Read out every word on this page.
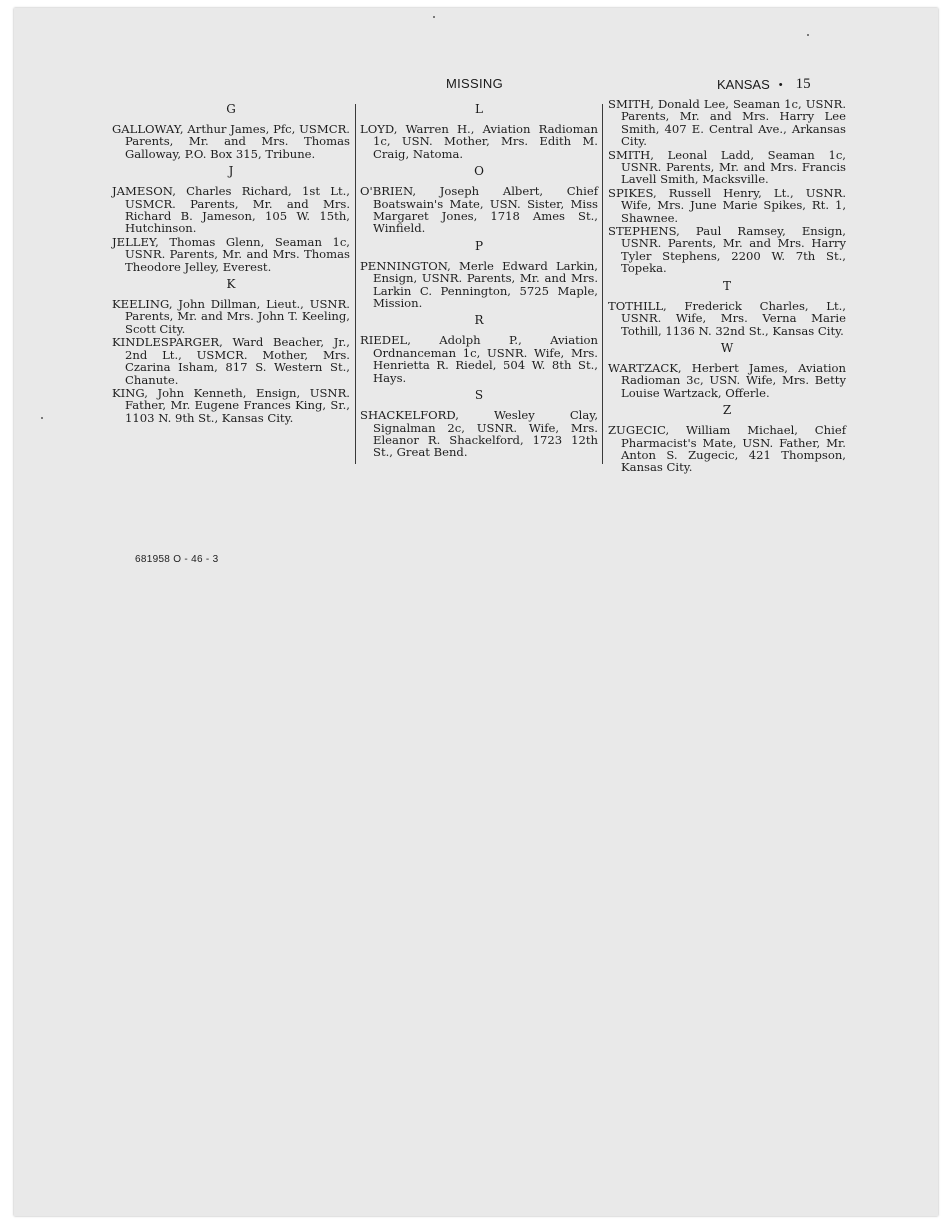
MISSING	KANSAS • 15
G

GALLOWAY, Arthur James, Pfc, USMCR. Parents, Mr. and Mrs. Thomas Galloway, P.O. Box 315, Tribune.

J

JAMESON, Charles Richard, 1st Lt., USMCR. Parents, Mr. and Mrs. Richard B. Jameson, 105 W. 15th, Hutchinson.

JELLEY, Thomas Glenn, Seaman 1c, USNR. Parents, Mr. and Mrs. Thomas Theodore Jelley, Everest.

K

KEELING, John Dillman, Lieut., USNR. Parents, Mr. and Mrs. John T. Keeling, Scott City.

KINDLESPARGER, Ward Beacher, Jr., 2nd Lt., USMCR. Mother, Mrs. Czarina Isham, 817 S. Western St., Chanute.

KING, John Kenneth, Ensign, USNR. Father, Mr. Eugene Frances King, Sr., 1103 N. 9th St., Kansas City.

L

LOYD, Warren H., Aviation Radioman 1c, USN. Mother, Mrs. Edith M. Craig, Natoma.

O

O'BRIEN, Joseph Albert, Chief Boatswain's Mate, USN. Sister, Miss Margaret Jones, 1718 Ames St., Winfield.

P

PENNINGTON, Merle Edward Larkin, Ensign, USNR. Parents, Mr. and Mrs. Larkin C. Pennington, 5725 Maple, Mission.

R

RIEDEL, Adolph P., Aviation Ordnanceman 1c, USNR. Wife, Mrs. Henrietta R. Riedel, 504 W. 8th St., Hays.

S

SHACKELFORD, Wesley Clay, Signalman 2c, USNR. Wife, Mrs. Eleanor R. Shackelford, 1723 12th St., Great Bend.

SMITH, Donald Lee, Seaman 1c, USNR. Parents, Mr. and Mrs. Harry Lee Smith, 407 E. Central Ave., Arkansas City.

SMITH, Leonal Ladd, Seaman 1c, USNR. Parents, Mr. and Mrs. Francis Lavell Smith, Macksville.

SPIKES, Russell Henry, Lt., USNR. Wife, Mrs. June Marie Spikes, Rt. 1, Shawnee.

STEPHENS, Paul Ramsey, Ensign, USNR. Parents, Mr. and Mrs. Harry Tyler Stephens, 2200 W. 7th St., Topeka.

T

TOTHILL, Frederick Charles, Lt., USNR. Wife, Mrs. Verna Marie Tothill, 1136 N. 32nd St., Kansas City.

W

WARTZACK, Herbert James, Aviation Radioman 3c, USN. Wife, Mrs. Betty Louise Wartzack, Offerle.

Z

ZUGECIC, William Michael, Chief Pharmacist's Mate, USN. Father, Mr. Anton S. Zugecic, 421 Thompson, Kansas City.

681958 O - 46 - 3
